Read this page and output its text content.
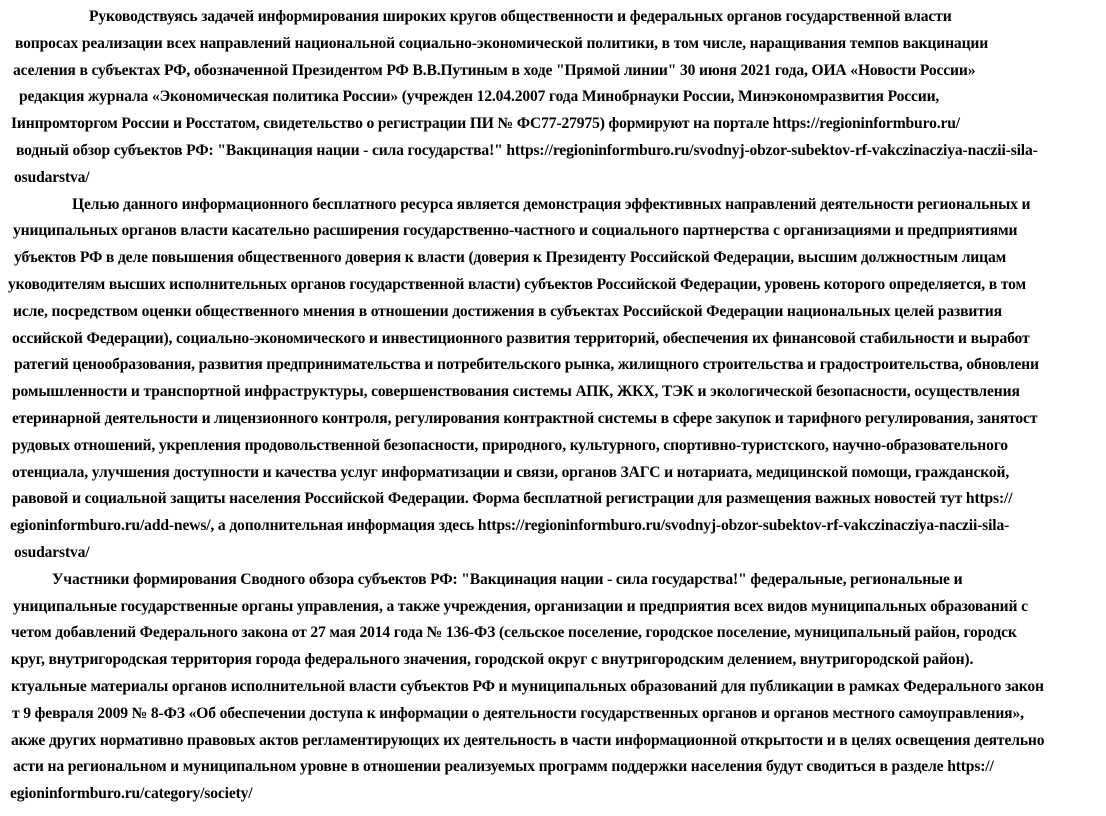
Руководствуясь задачей информирования широких кругов общественности и федеральных органов государственной власти
вопросах реализации всех направлений национальной социально-экономической политики, в том числе, наращивания темпов вакцинации
аселения в субъектах РФ, обозначенной Президентом РФ В.В.Путиным в ходе "Прямой линии" 30 июня 2021 года, ОИА «Новости России»
редакция журнала «Экономическая политика России» (учрежден 12.04.2007 года Минобрнауки России, Минэкономразвития России,
Іинпромторгом России и Росстатом, свидетельство о регистрации ПИ № ФС77-27975) формируют на портале https://regioninformburo.ru/
водный обзор субъектов РФ: "Вакцинация нации - сила государства!" https://regioninformburo.ru/svodnyj-obzor-subektov-rf-vakczinacziya-naczii-sila-
osudarstva/
Целью данного информационного бесплатного ресурса является демонстрация эффективных направлений деятельности региональных и
униципальных органов власти касательно расширения государственно-частного и социального партнерства с организациями и предприятиями
убъектов РФ в деле повышения общественного доверия к власти (доверия к Президенту Российской Федерации, высшим должностным лицам
уководителям высших исполнительных органов государственной власти) субъектов Российской Федерации, уровень которого определяется, в том
исле, посредством оценки общественного мнения в отношении достижения в субъектах Российской Федерации национальных целей развития
оссийской Федерации), социально-экономического и инвестиционного развития территорий, обеспечения их финансовой стабильности и выработ
ратегий ценообразования, развития предпринимательства и потребительского рынка, жилищного строительства и градостроительства, обновлени
ромышленности и транспортной инфраструктуры, совершенствования системы АПК, ЖКХ, ТЭК и экологической безопасности, осуществления
етеринарной деятельности и лицензионного контроля, регулирования контрактной системы в сфере закупок и тарифного регулирования, занятост
рудовых отношений, укрепления продовольственной безопасности, природного, культурного, спортивно-туристского, научно-образовательного
отенциала, улучшения доступности и качества услуг информатизации и связи, органов ЗАГС и нотариата, медицинской помощи, гражданской,
равовой и социальной защиты населения Российской Федерации. Форма бесплатной регистрации для размещения важных новостей тут https://
egioninformburo.ru/add-news/, а дополнительная информация здесь https://regioninformburo.ru/svodnyj-obzor-subektov-rf-vakczinacziya-naczii-sila-
osudarstva/
Участники формирования Сводного обзора субъектов РФ: "Вакцинация нации - сила государства!" федеральные, региональные и
униципальные государственные органы управления, а также учреждения, организации и предприятия всех видов муниципальных образований с
четом добавлений Федерального закона от 27 мая 2014 года № 136-ФЗ (сельское поселение, городское поселение, муниципальный район, городск
круг, внутригородская территория города федерального значения, городской округ с внутригородским делением, внутригородской район).
ктуальные материалы органов исполнительной власти субъектов РФ и муниципальных образований для публикации в рамках Федерального закон
т 9 февраля 2009 № 8-ФЗ «Об обеспечении доступа к информации о деятельности государственных органов и органов местного самоуправления»,
акже других нормативно правовых актов регламентирующих их деятельность в части информационной открытости и в целях освещения деятельно
асти на региональном и муниципальном уровне в отношении реализуемых программ поддержки населения будут сводиться в разделе https://
egioninformburo.ru/category/society/
